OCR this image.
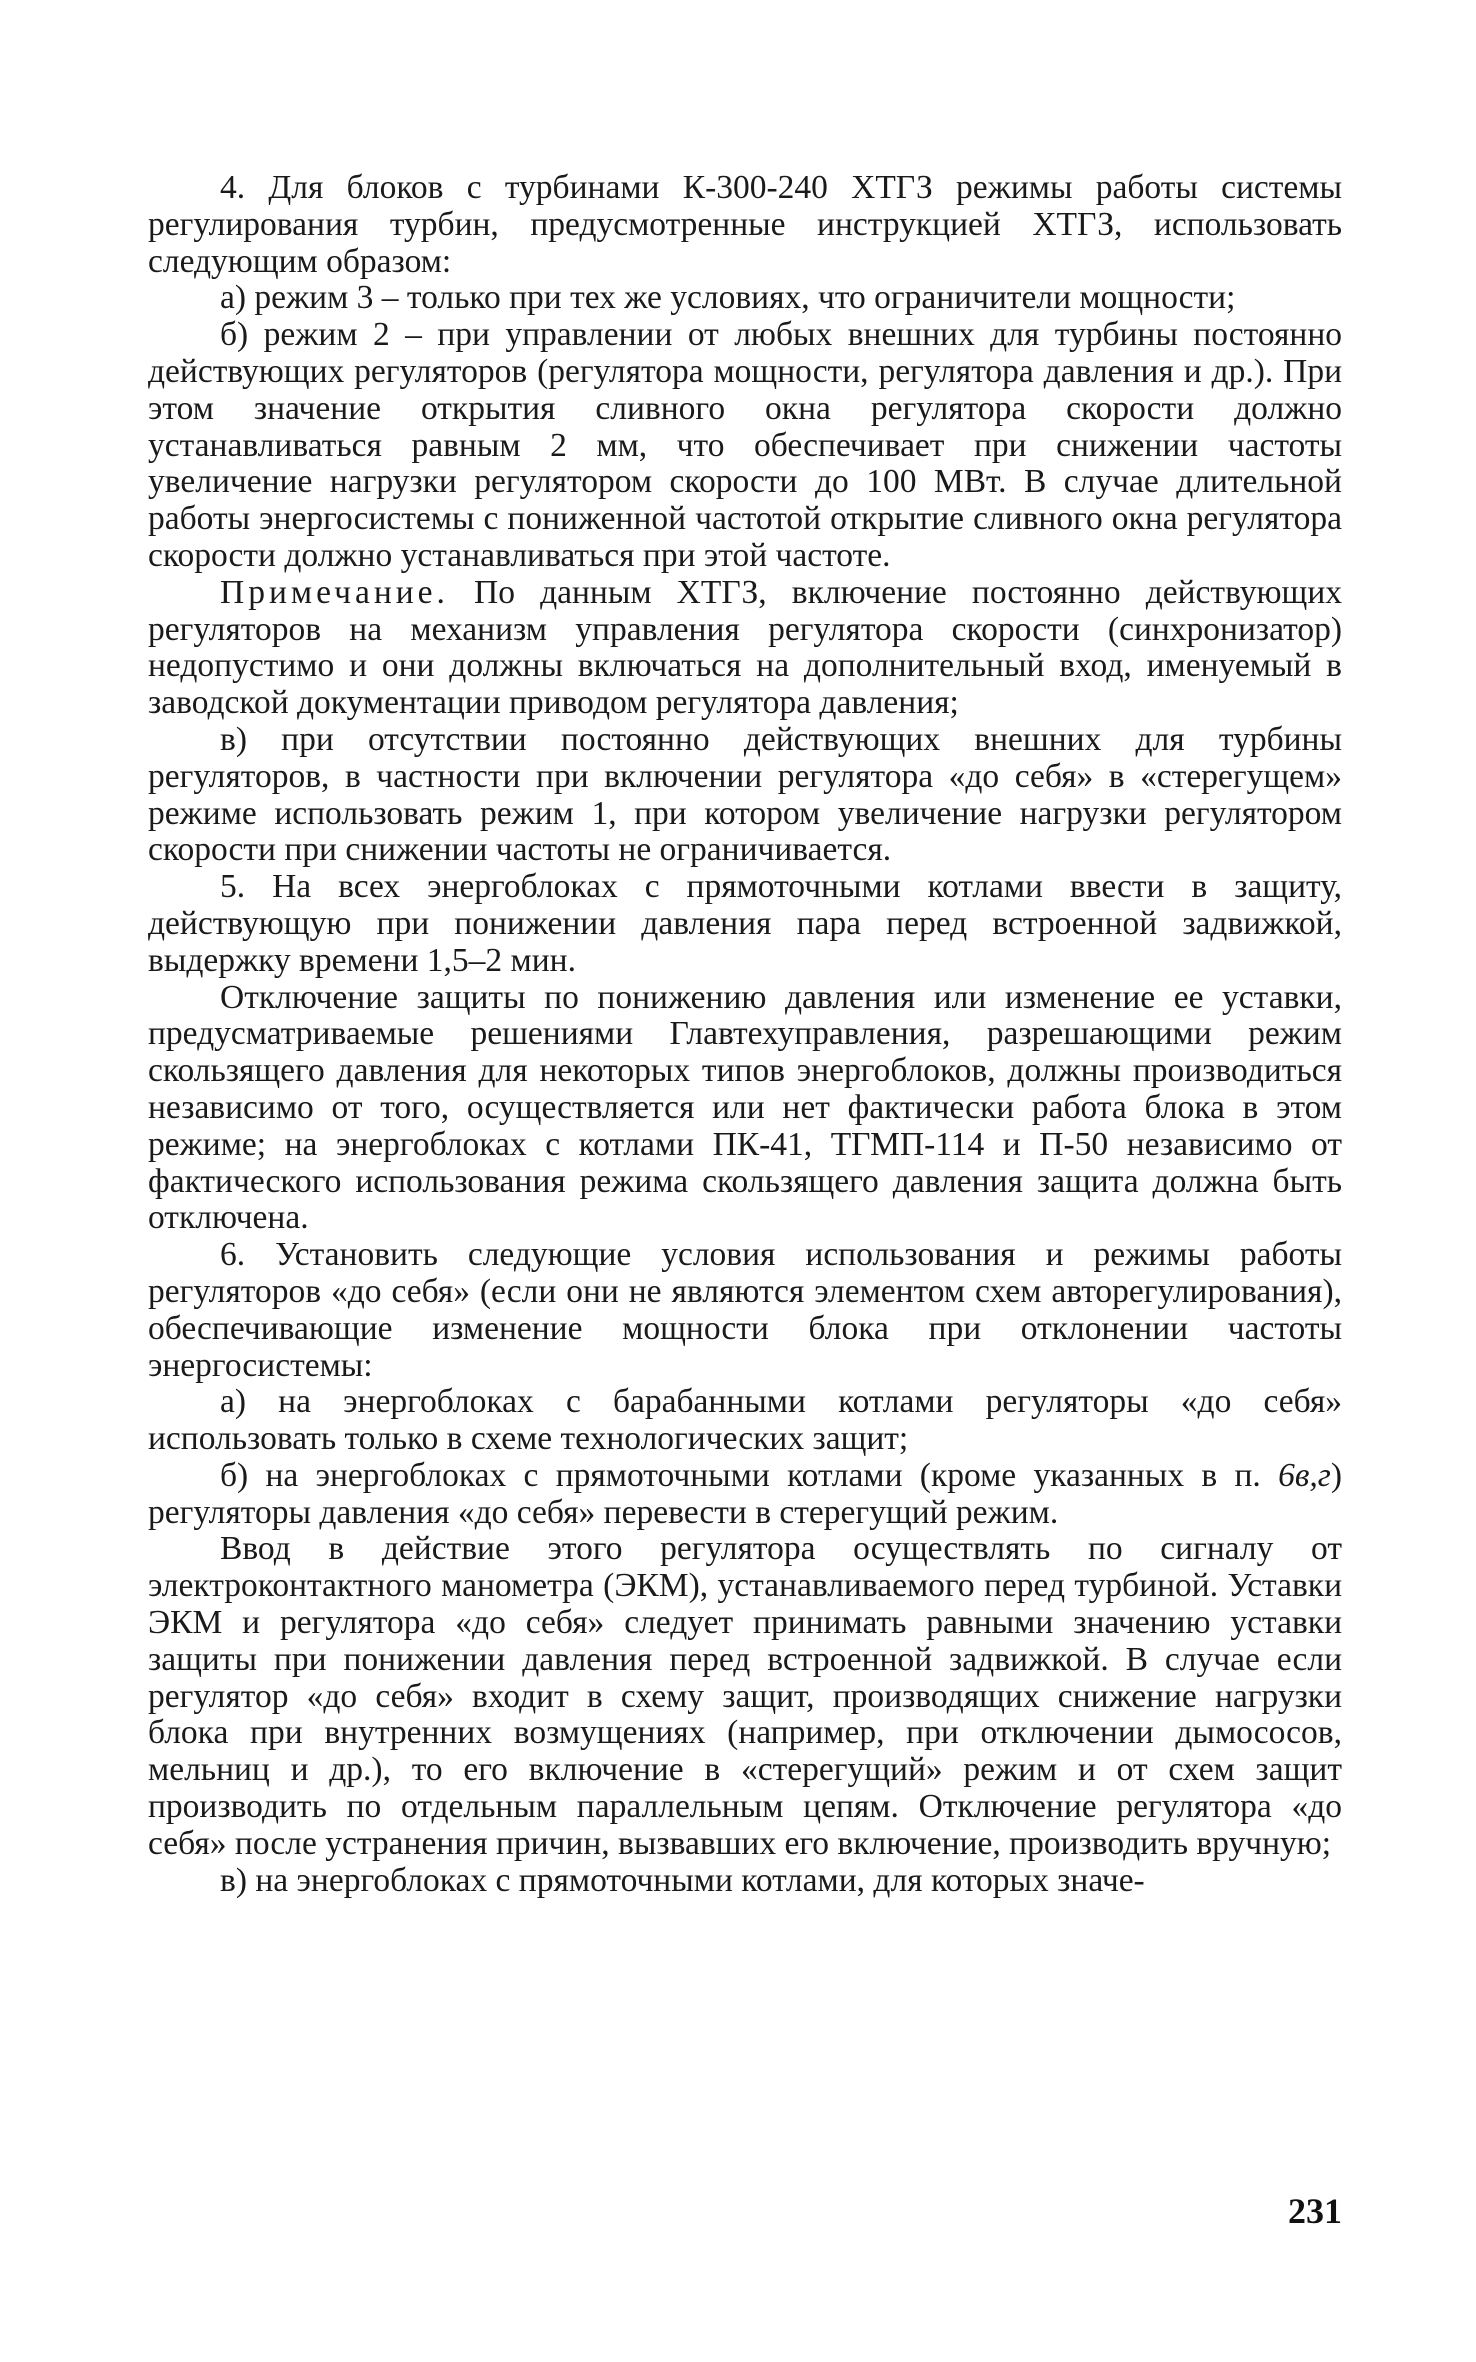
4. Для блоков с турбинами К-300-240 ХТГЗ режимы работы системы регулирования турбин, предусмотренные инструкцией ХТГЗ, использовать следующим образом:

а) режим 3 – только при тех же условиях, что ограничители мощности;

б) режим 2 – при управлении от любых внешних для турбины постоянно действующих регуляторов (регулятора мощности, регулятора давления и др.). При этом значение открытия сливного окна регулятора скорости должно устанавливаться равным 2 мм, что обеспечивает при снижении частоты увеличение нагрузки регулятором скорости до 100 МВт. В случае длительной работы энергосистемы с пониженной частотой открытие сливного окна регулятора скорости должно устанавливаться при этой частоте.

Примечание. По данным ХТГЗ, включение постоянно действующих регуляторов на механизм управления регулятора скорости (синхронизатор) недопустимо и они должны включаться на дополнительный вход, именуемый в заводской документации приводом регулятора давления;

в) при отсутствии постоянно действующих внешних для турбины регуляторов, в частности при включении регулятора «до себя» в «стерегущем» режиме использовать режим 1, при котором увеличение нагрузки регулятором скорости при снижении частоты не ограничивается.

5. На всех энергоблоках с прямоточными котлами ввести в защиту, действующую при понижении давления пара перед встроенной задвижкой, выдержку времени 1,5–2 мин.

Отключение защиты по понижению давления или изменение ее уставки, предусматриваемые решениями Главтехуправления, разрешающими режим скользящего давления для некоторых типов энергоблоков, должны производиться независимо от того, осуществляется или нет фактически работа блока в этом режиме; на энергоблоках с котлами ПК-41, ТГМП-114 и П-50 независимо от фактического использования режима скользящего давления защита должна быть отключена.

6. Установить следующие условия использования и режимы работы регуляторов «до себя» (если они не являются элементом схем авторегулирования), обеспечивающие изменение мощности блока при отклонении частоты энергосистемы:

а) на энергоблоках с барабанными котлами регуляторы «до себя» использовать только в схеме технологических защит;

б) на энергоблоках с прямоточными котлами (кроме указанных в п. 6в,г) регуляторы давления «до себя» перевести в стерегущий режим.

Ввод в действие этого регулятора осуществлять по сигналу от электроконтактного манометра (ЭКМ), устанавливаемого перед турбиной. Уставки ЭКМ и регулятора «до себя» следует принимать равными значению уставки защиты при понижении давления перед встроенной задвижкой. В случае если регулятор «до себя» входит в схему защит, производящих снижение нагрузки блока при внутренних возмущениях (например, при отключении дымососов, мельниц и др.), то его включение в «стерегущий» режим и от схем защит производить по отдельным параллельным цепям. Отключение регулятора «до себя» после устранения причин, вызвавших его включение, производить вручную;

в) на энергоблоках с прямоточными котлами, для которых значе-

231
